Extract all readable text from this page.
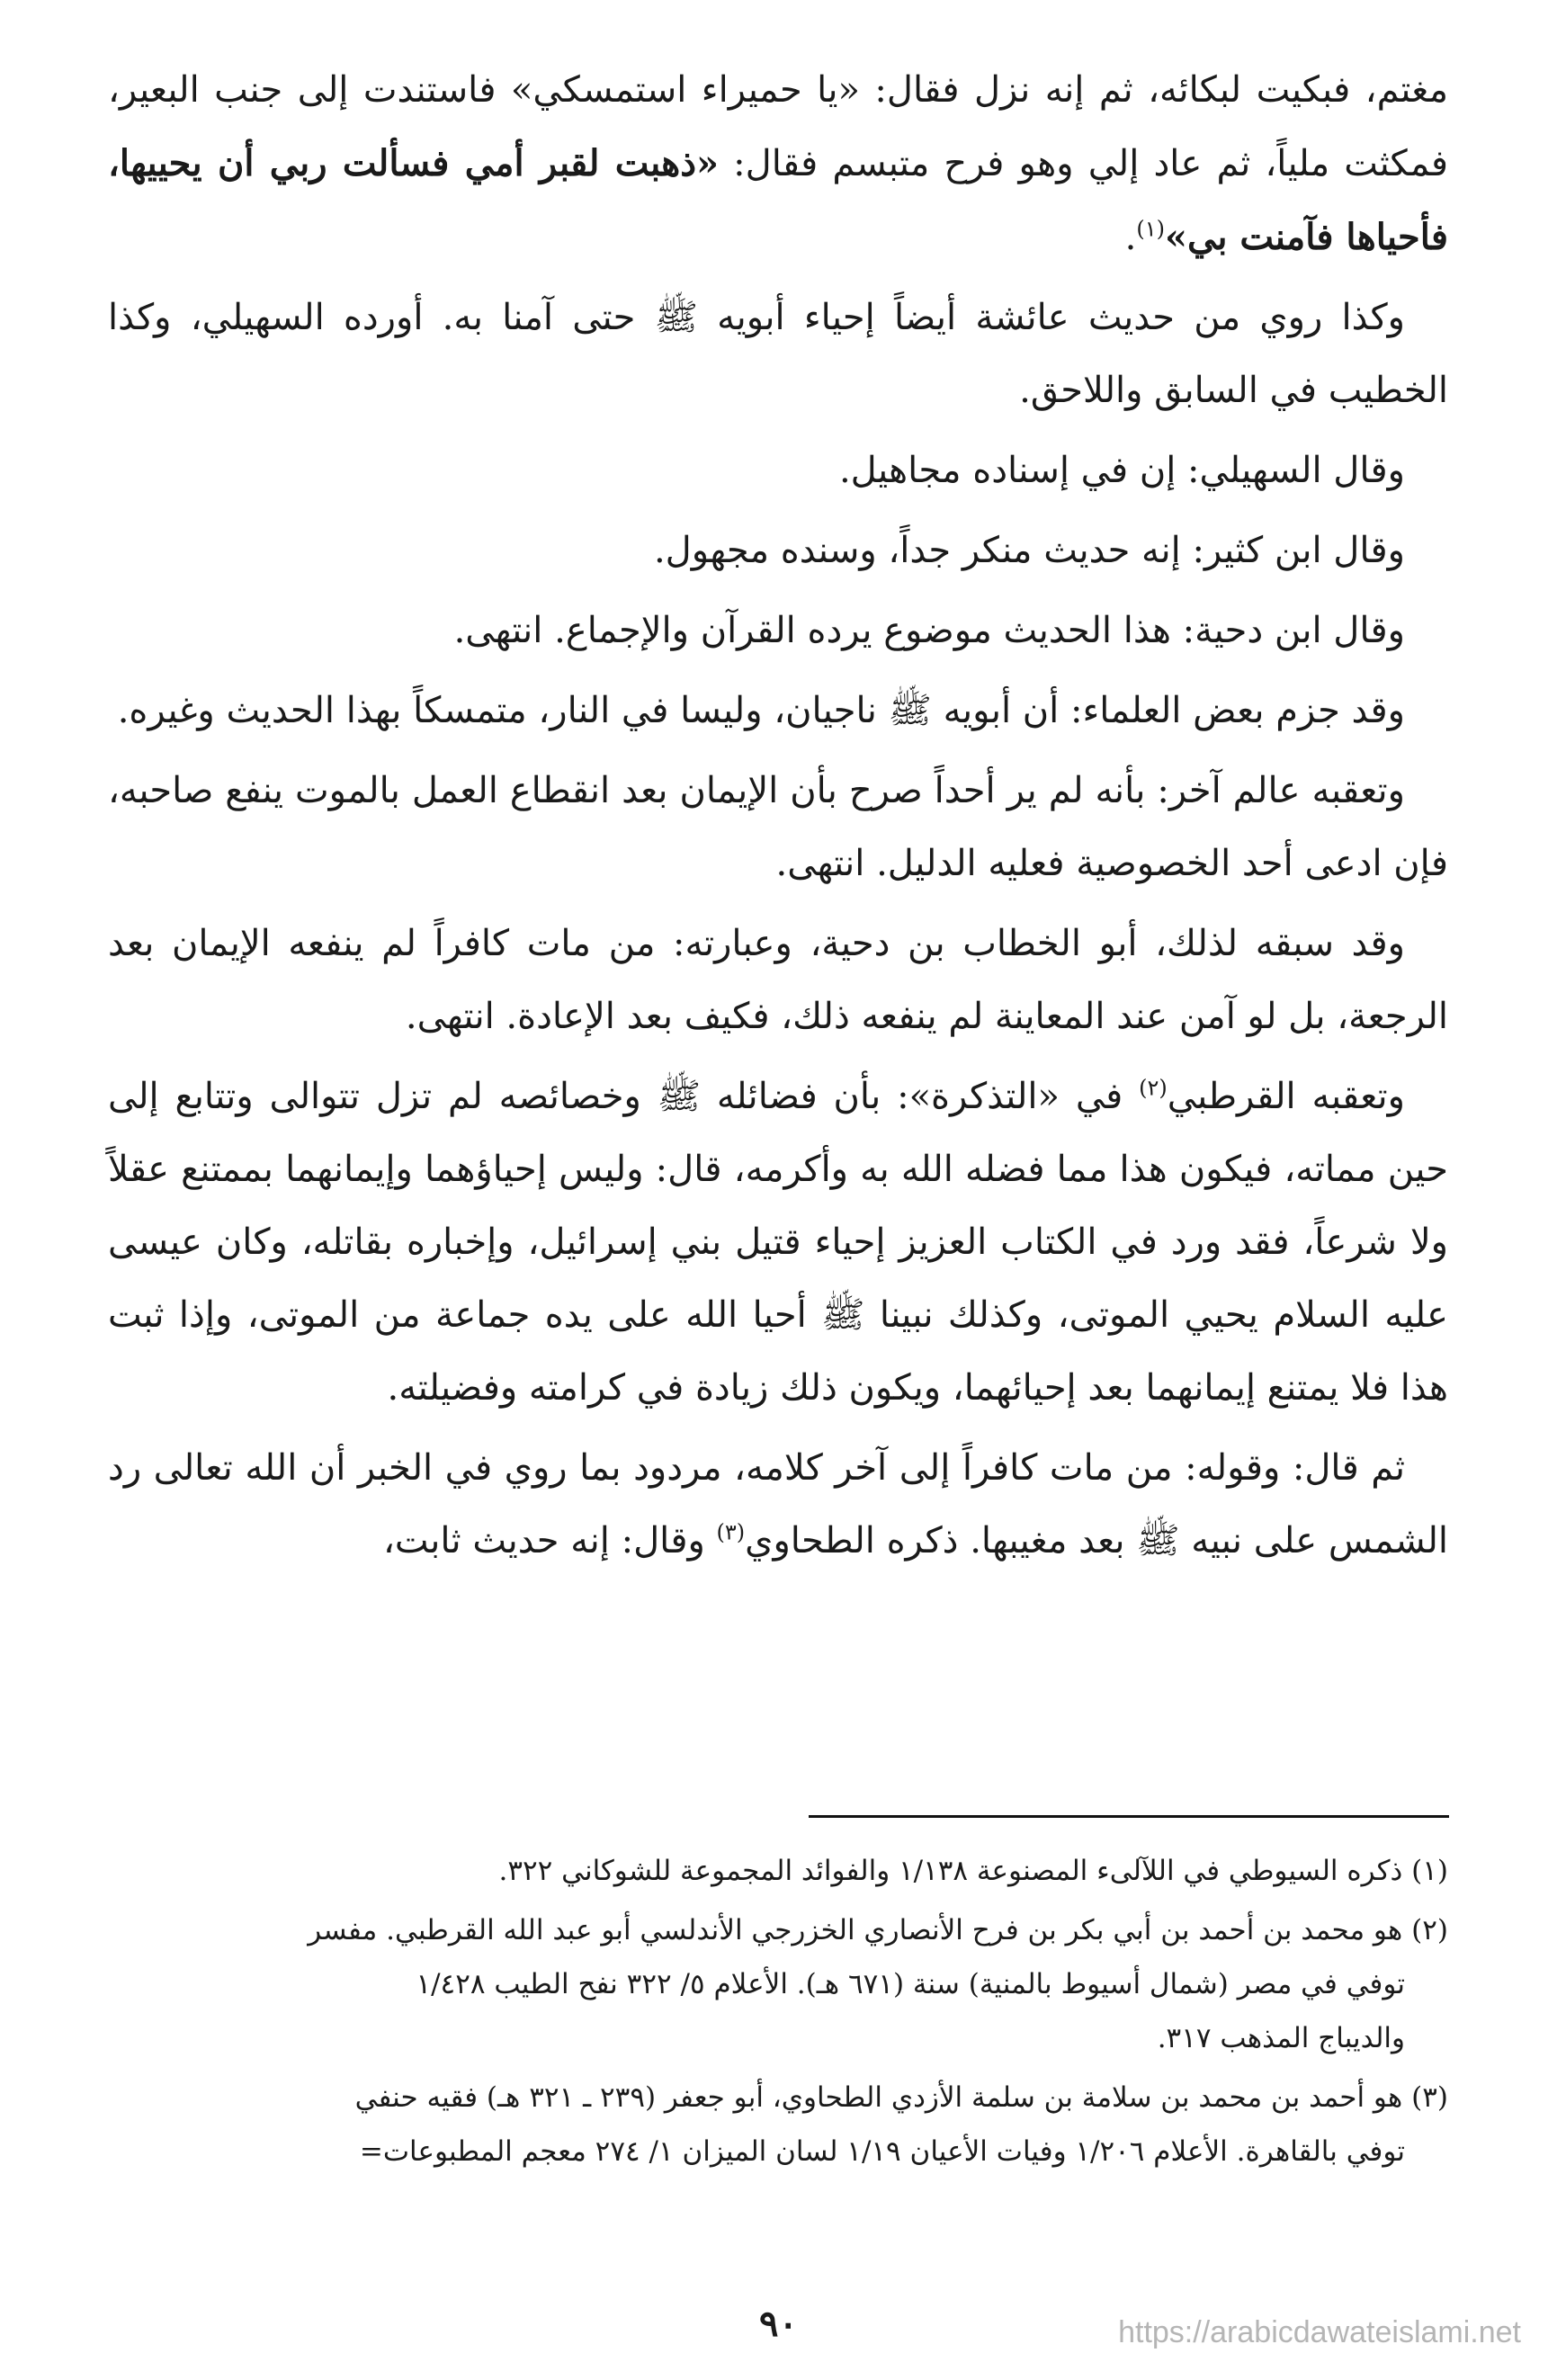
مغتم، فبكيت لبكائه، ثم إنه نزل فقال: «يا حميراء استمسكي» فاستندت إلى جنب البعير، فمكثت ملياً، ثم عاد إلي وهو فرح متبسم فقال: «ذهبت لقبر أمي فسألت ربي أن يحييها، فأحياها فآمنت بي»$^{(١)}$.

وكذا روي من حديث عائشة أيضاً إحياء أبويه ﷺ حتى آمنا به. أورده السهيلي، وكذا الخطيب في السابق واللاحق.

وقال السهيلي: إن في إسناده مجاهيل.

وقال ابن كثير: إنه حديث منكر جداً، وسنده مجهول.

وقال ابن دحية: هذا الحديث موضوع يرده القرآن والإجماع. انتهى.

وقد جزم بعض العلماء: أن أبويه ﷺ ناجيان، وليسا في النار، متمسكاً بهذا الحديث وغيره.

وتعقبه عالم آخر: بأنه لم ير أحداً صرح بأن الإيمان بعد انقطاع العمل بالموت ينفع صاحبه، فإن ادعى أحد الخصوصية فعليه الدليل. انتهى.

وقد سبقه لذلك، أبو الخطاب بن دحية، وعبارته: من مات كافراً لم ينفعه الإيمان بعد الرجعة، بل لو آمن عند المعاينة لم ينفعه ذلك، فكيف بعد الإعادة. انتهى.

وتعقبه القرطبي$^{(٢)}$ في «التذكرة»: بأن فضائله ﷺ وخصائصه لم تزل تتوالى وتتابع إلى حين مماته، فيكون هذا مما فضله الله به وأكرمه، قال: وليس إحياؤهما وإيمانهما بممتنع عقلاً ولا شرعاً، فقد ورد في الكتاب العزيز إحياء قتيل بني إسرائيل، وإخباره بقاتله، وكان عيسى عليه السلام يحيي الموتى، وكذلك نبينا ﷺ أحيا الله على يده جماعة من الموتى، وإذا ثبت هذا فلا يمتنع إيمانهما بعد إحيائهما، ويكون ذلك زيادة في كرامته وفضيلته.

ثم قال: وقوله: من مات كافراً إلى آخر كلامه، مردود بما روي في الخبر أن الله تعالى رد الشمس على نبيه ﷺ بعد مغيبها. ذكره الطحاوي$^{(٣)}$ وقال: إنه حديث ثابت،

(١) ذكره السيوطي في اللآلىء المصنوعة ١/١٣٨ والفوائد المجموعة للشوكاني ٣٢٢.
(٢) هو محمد بن أحمد بن أبي بكر بن فرح الأنصاري الخزرجي الأندلسي أبو عبد الله القرطبي. مفسر

توفي في مصر (شمال أسيوط بالمنية) سنة (٦٧١ هـ). الأعلام ٥/ ٣٢٢ نفح الطيب ١/٤٢٨
والديباج المذهب ٣١٧.
(٣) هو أحمد بن محمد بن سلامة بن سلمة الأزدي الطحاوي، أبو جعفر (٢٣٩ ـ ٣٢١ هـ) فقيه حنفي

توفي بالقاهرة. الأعلام ١/٢٠٦ وفيات الأعيان ١/١٩ لسان الميزان ١/ ٢٧٤ معجم المطبوعات=
٩٠	https://arabicdawateislami.net
